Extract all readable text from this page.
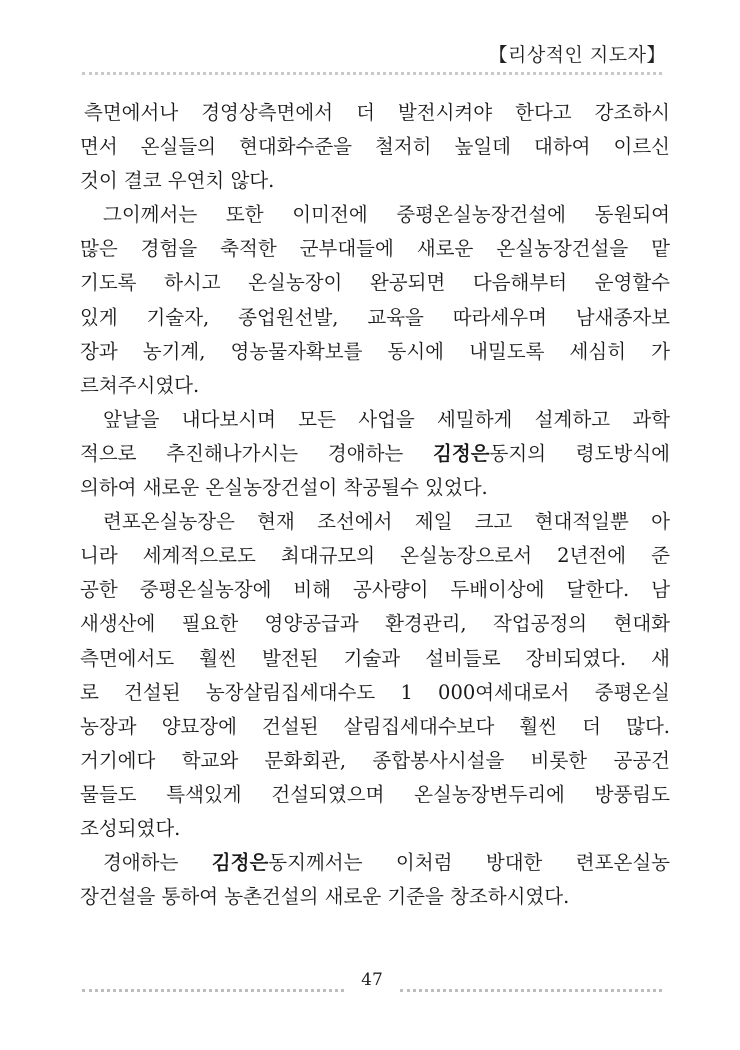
【리상적인 지도자】
측면에서나 경영상측면에서 더 발전시켜야 한다고 강조하시
면서 온실들의 현대화수준을 철저히 높일데 대하여 이르신
것이 결코 우연치 않다.
그이께서는 또한 이미전에 중평온실농장건설에 동원되여
많은 경험을 축적한 군부대들에 새로운 온실농장건설을 맡
기도록 하시고 온실농장이 완공되면 다음해부터 운영할수
있게 기술자, 종업원선발, 교육을 따라세우며 남새종자보
장과 농기계, 영농물자확보를 동시에 내밀도록 세심히 가
르쳐주시였다.
앞날을 내다보시며 모든 사업을 세밀하게 설계하고 과학
적으로 추진해나가시는 경애하는 김정은동지의 령도방식에
의하여 새로운 온실농장건설이 착공될수 있었다.
련포온실농장은 현재 조선에서 제일 크고 현대적일뿐 아
니라 세계적으로도 최대규모의 온실농장으로서 2년전에 준
공한 중평온실농장에 비해 공사량이 두배이상에 달한다. 남
새생산에 필요한 영양공급과 환경관리, 작업공정의 현대화
측면에서도 훨씬 발전된 기술과 설비들로 장비되였다. 새
로 건설된 농장살림집세대수도 1 000여세대로서 중평온실
농장과 양묘장에 건설된 살림집세대수보다 훨씬 더 많다.
거기에다 학교와 문화회관, 종합봉사시설을 비롯한 공공건
물들도 특색있게 건설되였으며 온실농장변두리에 방풍림도
조성되였다.
경애하는 김정은동지께서는 이처럼 방대한 련포온실농
장건설을 통하여 농촌건설의 새로운 기준을 창조하시였다.
47
